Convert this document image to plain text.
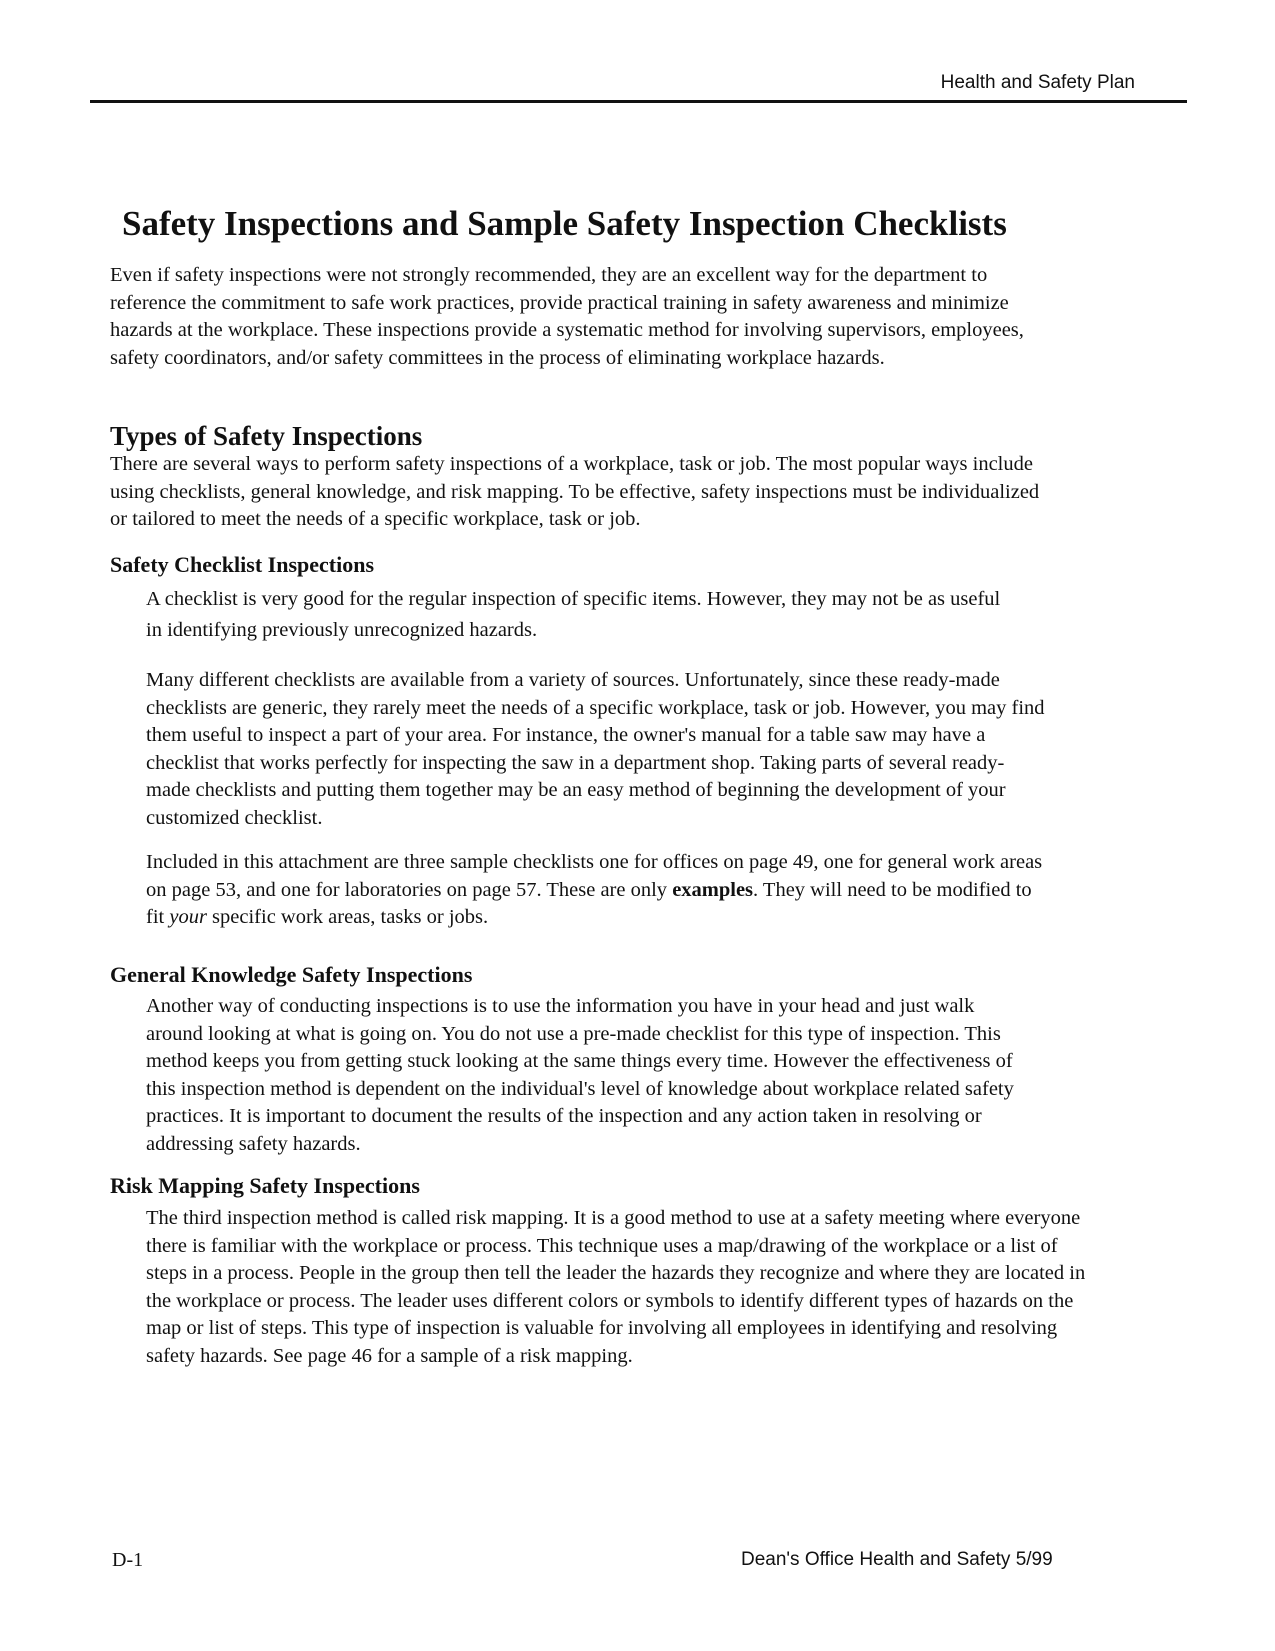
Health and Safety Plan
Safety Inspections and Sample Safety Inspection Checklists

Even if safety inspections were not strongly recommended, they are an excellent way for the department to reference the commitment to safe work practices, provide practical training in safety awareness and minimize hazards at the workplace. These inspections provide a systematic method for involving supervisors, employees, safety coordinators, and/or safety committees in the process of eliminating workplace hazards.

Types of Safety Inspections

There are several ways to perform safety inspections of a workplace, task or job. The most popular ways include using checklists, general knowledge, and risk mapping. To be effective, safety inspections must be individualized or tailored to meet the needs of a specific workplace, task or job.

Safety Checklist Inspections

A checklist is very good for the regular inspection of specific items. However, they may not be as useful in identifying previously unrecognized hazards.

Many different checklists are available from a variety of sources. Unfortunately, since these ready-made checklists are generic, they rarely meet the needs of a specific workplace, task or job. However, you may find them useful to inspect a part of your area. For instance, the owner's manual for a table saw may have a checklist that works perfectly for inspecting the saw in a department shop. Taking parts of several ready-made checklists and putting them together may be an easy method of beginning the development of your customized checklist.

Included in this attachment are three sample checklists one for offices on page 49, one for general work areas on page 53, and one for laboratories on page 57. These are only examples. They will need to be modified to fit your specific work areas, tasks or jobs.

General Knowledge Safety Inspections

Another way of conducting inspections is to use the information you have in your head and just walk around looking at what is going on. You do not use a pre-made checklist for this type of inspection. This method keeps you from getting stuck looking at the same things every time. However the effectiveness of this inspection method is dependent on the individual's level of knowledge about workplace related safety practices. It is important to document the results of the inspection and any action taken in resolving or addressing safety hazards.

Risk Mapping Safety Inspections

The third inspection method is called risk mapping. It is a good method to use at a safety meeting where everyone there is familiar with the workplace or process. This technique uses a map/drawing of the workplace or a list of steps in a process. People in the group then tell the leader the hazards they recognize and where they are located in the workplace or process. The leader uses different colors or symbols to identify different types of hazards on the map or list of steps. This type of inspection is valuable for involving all employees in identifying and resolving safety hazards. See page 46 for a sample of a risk mapping.

D-1	Dean's Office Health and Safety 5/99
